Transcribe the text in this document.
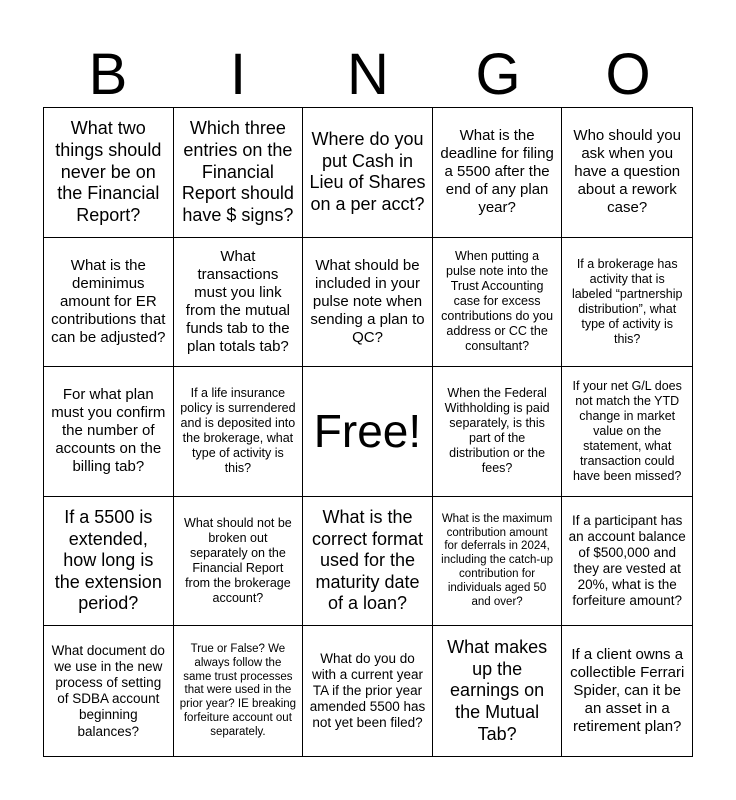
B	I	N	G	O
What two things should never be on the Financial Report?
Which three entries on the Financial Report should have $ signs?
Where do you put Cash in Lieu of Shares on a per acct?
What is the deadline for filing a 5500 after the end of any plan year?
Who should you ask when you have a question about a rework case?
What is the deminimus amount for ER contributions that can be adjusted?
What transactions must you link from the mutual funds tab to the plan totals tab?
What should be included in your pulse note when sending a plan to QC?
When putting a pulse note into the Trust Accounting case for excess contributions do you address or CC the consultant?
If a brokerage has activity that is labeled “partnership distribution”, what type of activity is this?
For what plan must you confirm the number of accounts on the billing tab?
If a life insurance policy is surrendered and is deposited into the brokerage, what type of activity is this?
Free!
When the Federal Withholding is paid separately, is this part of the distribution or the fees?
If your net G/L does not match the YTD change in market value on the statement, what transaction could have been missed?
If a 5500 is extended, how long is the extension period?
What should not be broken out separately on the Financial Report from the brokerage account?
What is the correct format used for the maturity date of a loan?
What is the maximum contribution amount for deferrals in 2024, including the catch-up contribution for individuals aged 50 and over?
If a participant has an account balance of $500,000 and they are vested at 20%, what is the forfeiture amount?
What document do we use in the new process of setting of SDBA account beginning balances?
True or False? We always follow the same trust processes that were used in the prior year? IE breaking forfeiture account out separately.
What do you do with a current year TA if the prior year amended 5500 has not yet been filed?
What makes up the earnings on the Mutual Tab?
If a client owns a collectible Ferrari Spider, can it be an asset in a retirement plan?
